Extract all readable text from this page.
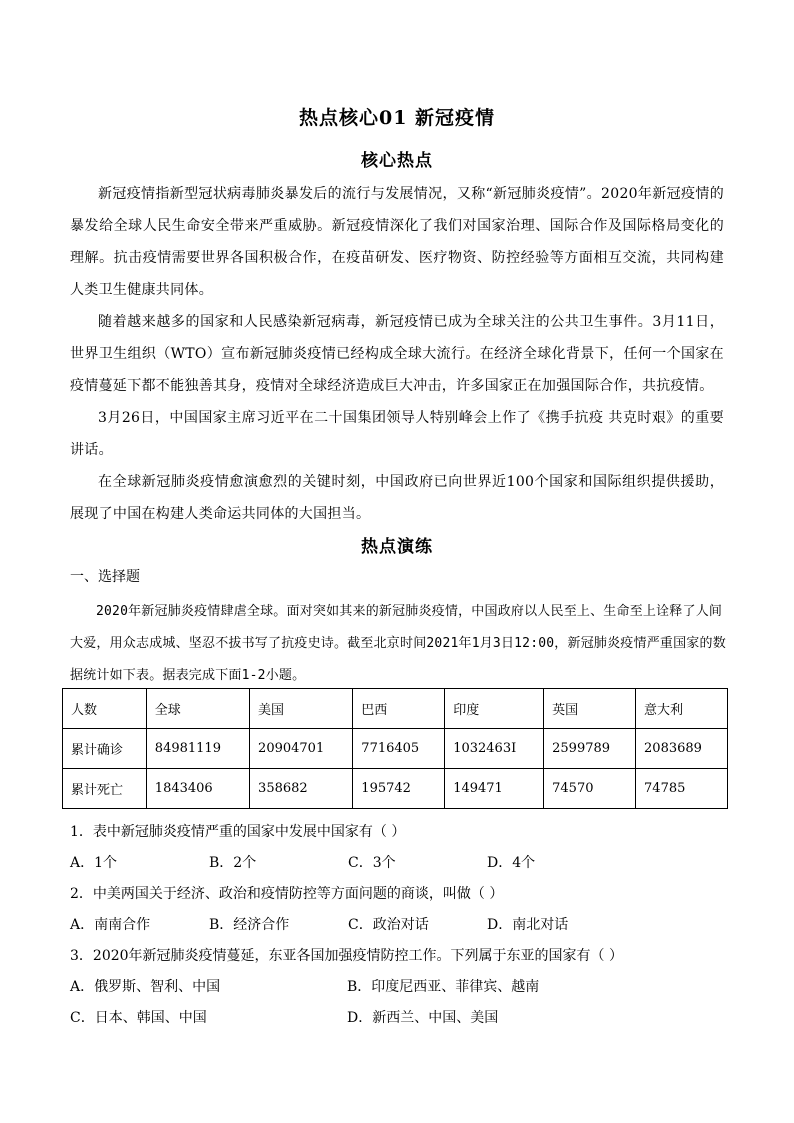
热点核心01 新冠疫情
核心热点

新冠疫情指新型冠状病毒肺炎暴发后的流行与发展情况，又称“新冠肺炎疫情”。2020年新冠疫情的暴发给全球人民生命安全带来严重威胁。新冠疫情深化了我们对国家治理、国际合作及国际格局变化的理解。抗击疫情需要世界各国积极合作，在疫苗研发、医疗物资、防控经验等方面相互交流，共同构建人类卫生健康共同体。

随着越来越多的国家和人民感染新冠病毒，新冠疫情已成为全球关注的公共卫生事件。3月11日，世界卫生组织（WTO）宣布新冠肺炎疫情已经构成全球大流行。在经济全球化背景下，任何一个国家在疫情蔓延下都不能独善其身，疫情对全球经济造成巨大冲击，许多国家正在加强国际合作，共抗疫情。

3月26日，中国国家主席习近平在二十国集团领导人特别峰会上作了《携手抗疫 共克时艰》的重要讲话。

在全球新冠肺炎疫情愈演愈烈的关键时刻，中国政府已向世界近100个国家和国际组织提供援助，展现了中国在构建人类命运共同体的大国担当。

热点演练
一、选择题

2020年新冠肺炎疫情肆虐全球。面对突如其来的新冠肺炎疫情，中国政府以人民至上、生命至上诠释了人间大爱，用众志成城、坚忍不拔书写了抗疫史诗。截至北京时间2021年1月3日12:00，新冠肺炎疫情严重国家的数据统计如下表。据表完成下面1-2小题。

人数	全球	美国	巴西	印度	英国	意大利
累计确诊	84981119	20904701	7716405	1032463I	2599789	2083689
累计死亡	1843406	358682	195742	149471	74570	74785
1．表中新冠肺炎疫情严重的国家中发展中国家有（ ）
A．1个	B．2个	C．3个	D．4个
2．中美两国关于经济、政治和疫情防控等方面问题的商谈，叫做（ ）
A．南南合作	B．经济合作	C．政治对话	D．南北对话
3．2020年新冠肺炎疫情蔓延，东亚各国加强疫情防控工作。下列属于东亚的国家有（ ）
A．俄罗斯、智利、中国	B．印度尼西亚、菲律宾、越南
C．日本、韩国、中国	D．新西兰、中国、美国
